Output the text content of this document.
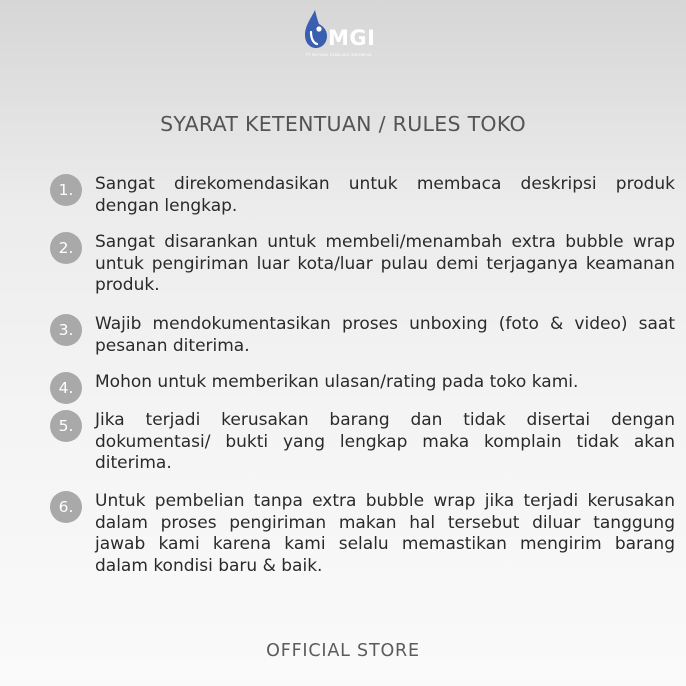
MGI
PT MUTIARA GEMILANG INDONESIA
SYARAT KETENTUAN / RULES TOKO
1.	Sangat direkomendasikan untuk membaca deskripsi produk dengan lengkap.
2.	Sangat disarankan untuk membeli/menambah extra bubble wrap untuk pengiriman luar kota/luar pulau demi terjaganya keamanan produk.
3.	Wajib mendokumentasikan proses unboxing (foto & video) saat pesanan diterima.
4.	Mohon untuk memberikan ulasan/rating pada toko kami.
5.	Jika terjadi kerusakan barang dan tidak disertai dengan dokumentasi/ bukti yang lengkap maka komplain tidak akan diterima.
6.	Untuk pembelian tanpa extra bubble wrap jika terjadi kerusakan dalam proses pengiriman makan hal tersebut diluar tanggung jawab kami karena kami selalu memastikan mengirim barang dalam kondisi baru & baik.
OFFICIAL STORE
